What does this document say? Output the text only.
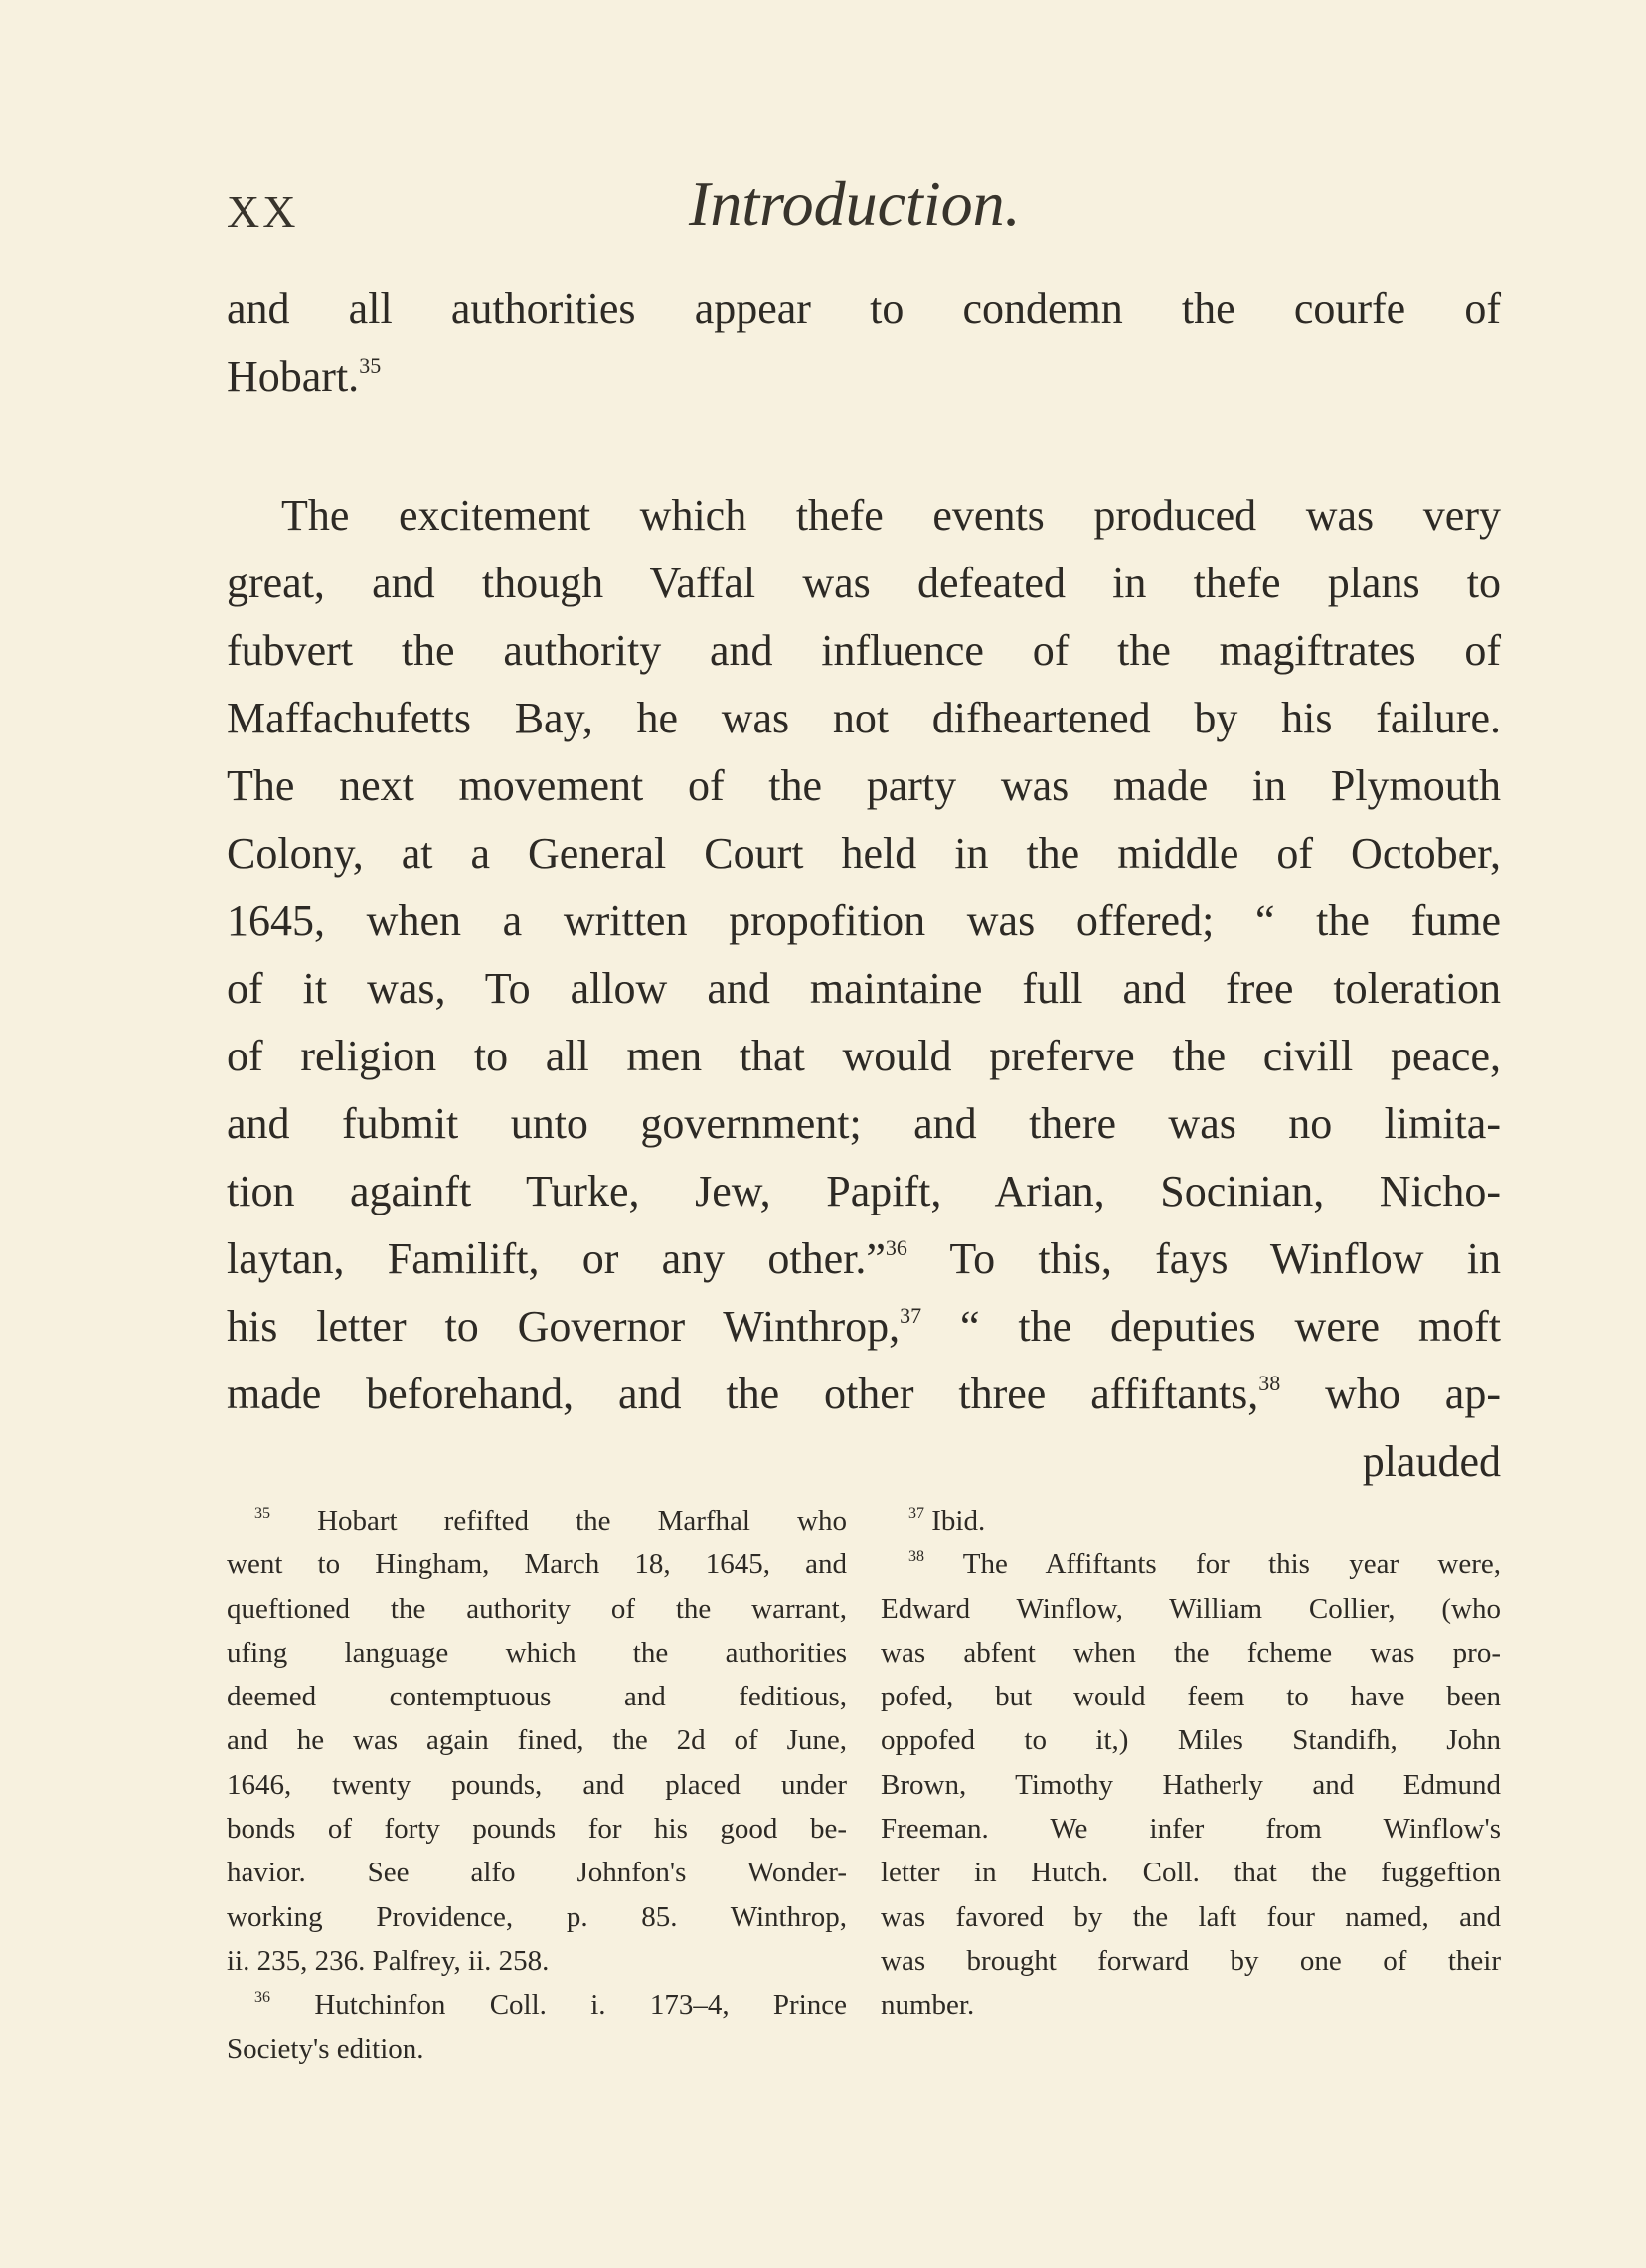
XX	Introduction.
and all authorities appear to condemn the courfe of
Hobart.$^{35}$
The excitement which thefe events produced was very
great, and though Vaffal was defeated in thefe plans to
fubvert the authority and influence of the magiftrates of
Maffachufetts Bay, he was not difheartened by his failure.
The next movement of the party was made in Plymouth
Colony, at a General Court held in the middle of October,
1645, when a written propofition was offered; “ the fume
of it was, To allow and maintaine full and free toleration
of religion to all men that would preferve the civill peace,
and fubmit unto government; and there was no limita-
tion againft Turke, Jew, Papift, Arian, Socinian, Nicho-
laytan, Familift, or any other.”$^{36}$ To this, fays Winflow in
his letter to Governor Winthrop,$^{37}$ “ the deputies were moft
made beforehand, and the other three affiftants,$^{38}$ who ap-
plauded
$^{35}$ Hobart refifted the Marfhal who
went to Hingham, March 18, 1645, and
queftioned the authority of the warrant,
ufing language which the authorities
deemed contemptuous and feditious,
and he was again fined, the 2d of June,
1646, twenty pounds, and placed under
bonds of forty pounds for his good be-
havior. See alfo Johnfon's Wonder-
working Providence, p. 85. Winthrop,
ii. 235, 236. Palfrey, ii. 258.
$^{36}$ Hutchinfon Coll. i. 173–4, Prince
Society's edition.
$^{37}$ Ibid.
$^{38}$ The Affiftants for this year were,
Edward Winflow, William Collier, (who
was abfent when the fcheme was pro-
pofed, but would feem to have been
oppofed to it,) Miles Standifh, John
Brown, Timothy Hatherly and Edmund
Freeman. We infer from Winflow's
letter in Hutch. Coll. that the fuggeftion
was favored by the laft four named, and
was brought forward by one of their
number.
